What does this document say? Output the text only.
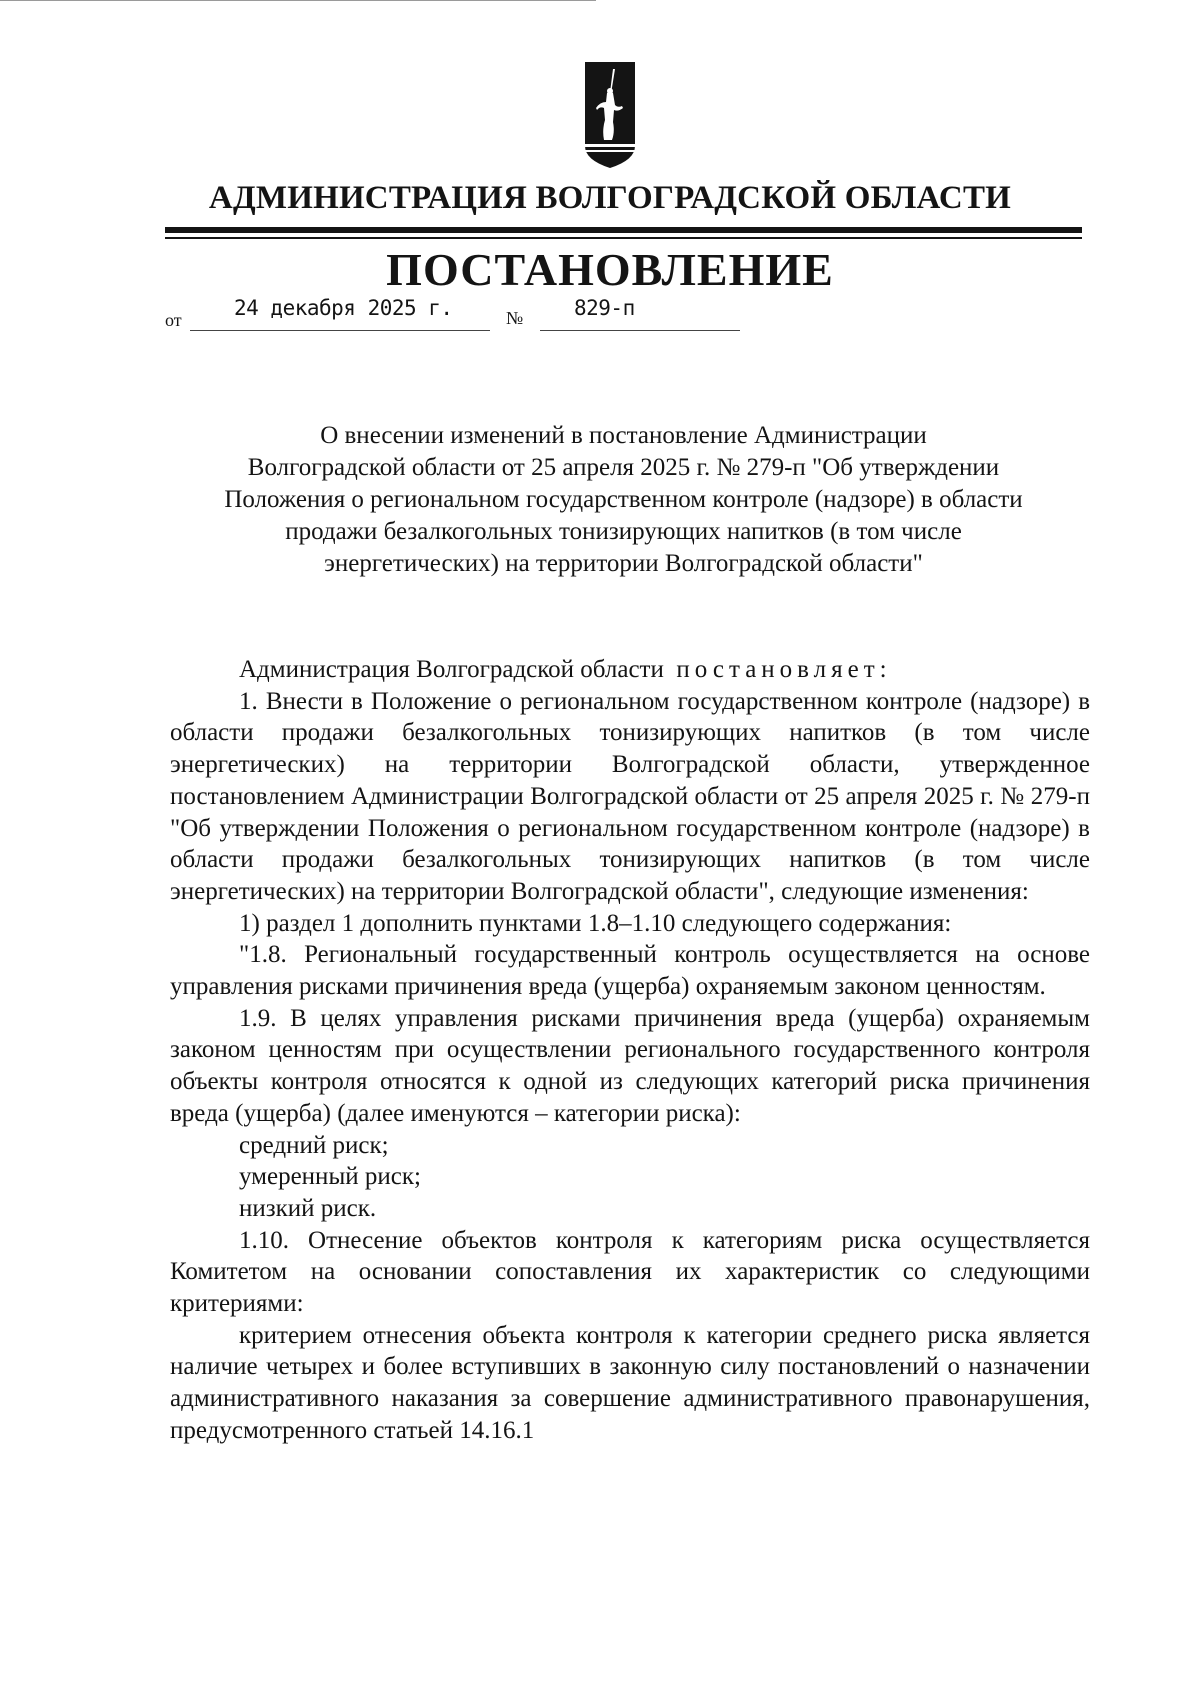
АДМИНИСТРАЦИЯ ВОЛГОГРАДСКОЙ ОБЛАСТИ
ПОСТАНОВЛЕНИЕ
от 24 декабря 2025 г.	№ 829-п
О внесении изменений в постановление Администрации
Волгоградской области от 25 апреля 2025 г. № 279-п "Об утверждении
Положения о региональном государственном контроле (надзоре) в области
продажи безалкогольных тонизирующих напитков (в том числе
энергетических) на территории Волгоградской области"

Администрация Волгоградской области постановляет:

1. Внести в Положение о региональном государственном контроле (надзоре) в области продажи безалкогольных тонизирующих напитков (в том числе энергетических) на территории Волгоградской области, утвержденное постановлением Администрации Волгоградской области от 25 апреля 2025 г. № 279-п "Об утверждении Положения о региональном государственном контроле (надзоре) в области продажи безалкогольных тонизирующих напитков (в том числе энергетических) на территории Волгоградской области", следующие изменения:

1) раздел 1 дополнить пунктами 1.8–1.10 следующего содержания:

"1.8. Региональный государственный контроль осуществляется на основе управления рисками причинения вреда (ущерба) охраняемым законом ценностям.

1.9. В целях управления рисками причинения вреда (ущерба) охраняемым законом ценностям при осуществлении регионального государственного контроля объекты контроля относятся к одной из следующих категорий риска причинения вреда (ущерба) (далее именуются – категории риска):

средний риск;

умеренный риск;

низкий риск.

1.10. Отнесение объектов контроля к категориям риска осуществляется Комитетом на основании сопоставления их характеристик со следующими критериями:

критерием отнесения объекта контроля к категории среднего риска является наличие четырех и более вступивших в законную силу постановлений о назначении административного наказания за совершение административного правонарушения, предусмотренного статьей 14.16.1
